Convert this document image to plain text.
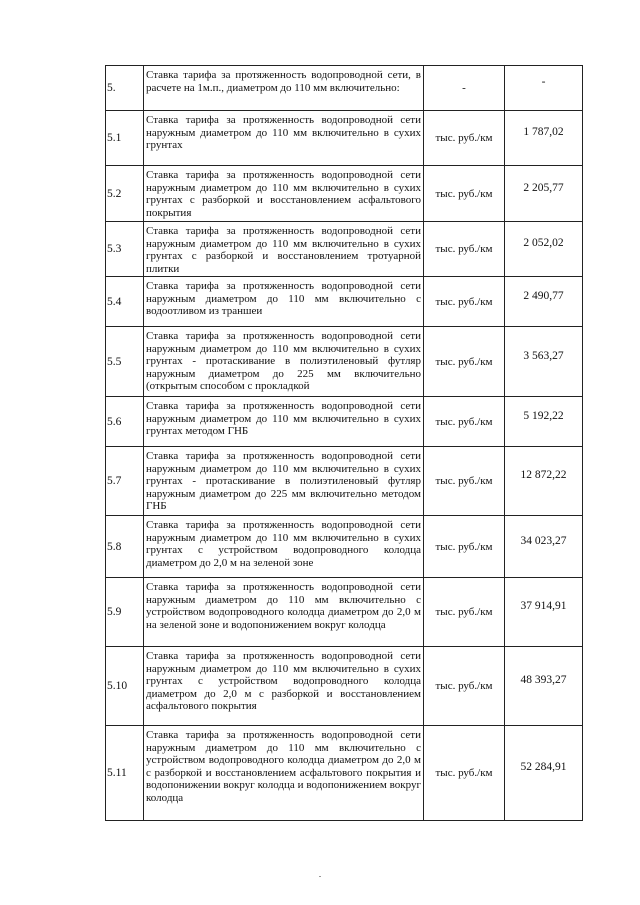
5.	Ставка тарифа за протяженность водопроводной сети, в расчете на 1м.п., диаметром до 110 мм включительно:	-	-
5.1	Ставка тарифа за протяженность водопроводной сети наружным диаметром до 110 мм включительно в сухих грунтах	тыс. руб./км	1 787,02
5.2	Ставка тарифа за протяженность водопроводной сети наружным диаметром до 110 мм включительно в сухих грунтах с разборкой и восстановлением асфальтового покрытия	тыс. руб./км	2 205,77
5.3	Ставка тарифа за протяженность водопроводной сети наружным диаметром до 110 мм включительно в сухих грунтах с разборкой и восстановлением тротуарной плитки	тыс. руб./км	2 052,02
5.4	Ставка тарифа за протяженность водопроводной сети наружным диаметром до 110 мм включительно с водоотливом из траншеи	тыс. руб./км	2 490,77
5.5	Ставка тарифа за протяженность водопроводной сети наружным диаметром до 110 мм включительно в сухих грунтах - протаскивание в полиэтиленовый футляр наружным диаметром до 225 мм включительно (открытым способом с прокладкой	тыс. руб./км	3 563,27
5.6	Ставка тарифа за протяженность водопроводной сети наружным диаметром до 110 мм включительно в сухих грунтах методом ГНБ	тыс. руб./км	5 192,22
5.7	Ставка тарифа за протяженность водопроводной сети наружным диаметром до 110 мм включительно в сухих грунтах - протаскивание в полиэтиленовый футляр наружным диаметром до 225 мм включительно методом ГНБ	тыс. руб./км	12 872,22
5.8	Ставка тарифа за протяженность водопроводной сети наружным диаметром до 110 мм включительно в сухих грунтах с устройством водопроводного колодца диаметром до 2,0 м на зеленой зоне	тыс. руб./км	34 023,27
5.9	Ставка тарифа за протяженность водопроводной сети наружным диаметром до 110 мм включительно с устройством водопроводного колодца диаметром до 2,0 м на зеленой зоне и водопонижением вокруг колодца	тыс. руб./км	37 914,91
5.10	Ставка тарифа за протяженность водопроводной сети наружным диаметром до 110 мм включительно в сухих грунтах с устройством водопроводного колодца диаметром до 2,0 м с разборкой и восстановлением асфальтового покрытия	тыс. руб./км	48 393,27
5.11	Ставка тарифа за протяженность водопроводной сети наружным диаметром до 110 мм включительно с устройством водопроводного колодца диаметром до 2,0 м с разборкой и восстановлением асфальтового покрытия и водопонижении вокруг колодца и водопонижением вокруг колодца	тыс. руб./км	52 284,91
